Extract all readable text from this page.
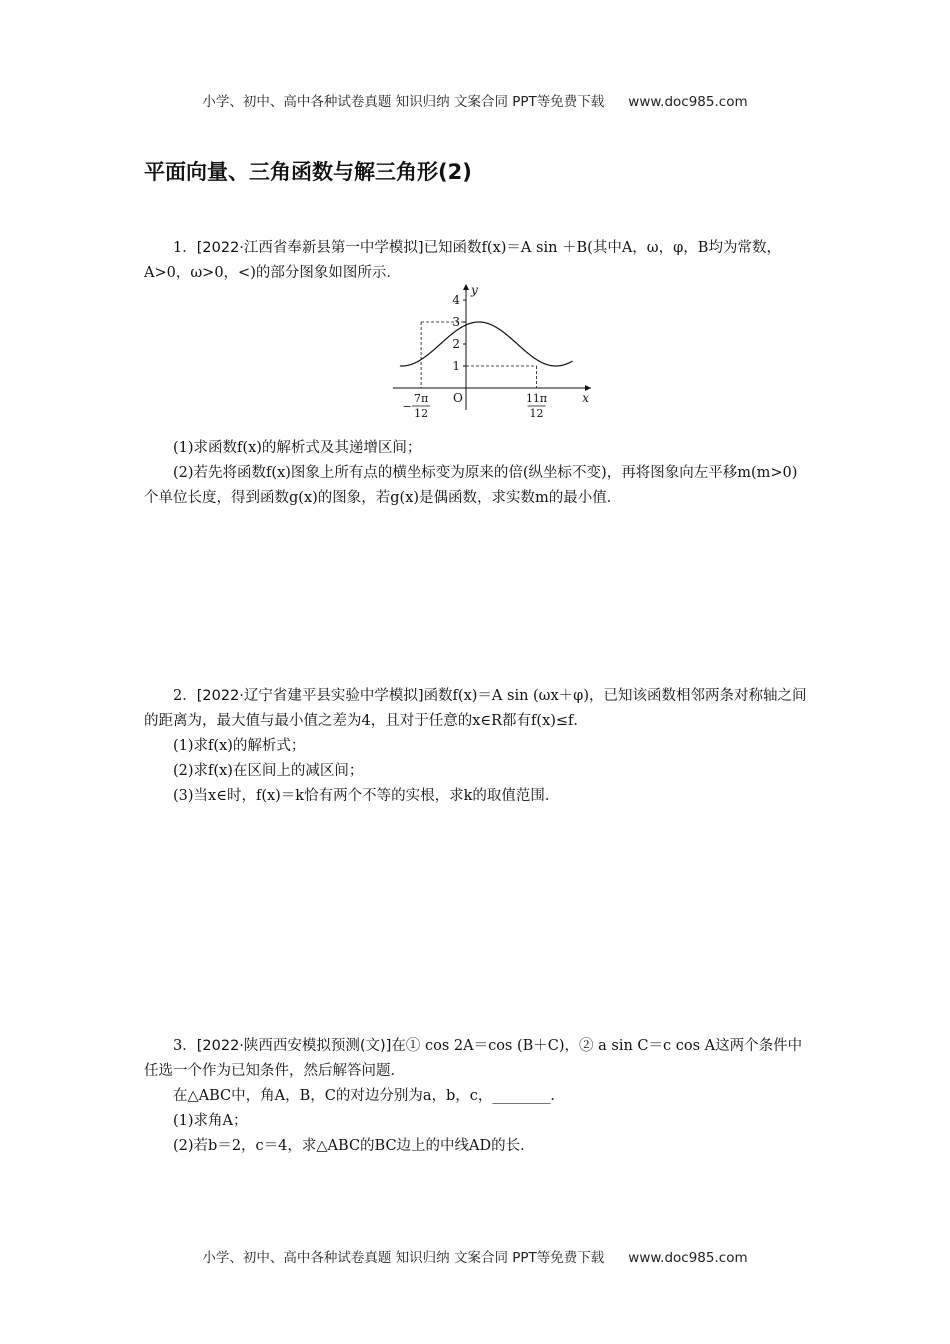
小学、初中、高中各种试卷真题 知识归纳 文案合同 PPT等免费下载 www.doc985.com
平面向量、三角函数与解三角形(2)

1．[2022·江西省奉新县第一中学模拟]已知函数f(x)＝A sin ＋B(其中A，ω，φ，B均为常数，A>0，ω>0，<)的部分图象如图所示．

x
y
O
1
2
3
4
7π
12
−
11π
12

(1)求函数f(x)的解析式及其递增区间；

(2)若先将函数f(x)图象上所有点的横坐标变为原来的倍(纵坐标不变)，再将图象向左平移m(m>0)个单位长度，得到函数g(x)的图象，若g(x)是偶函数，求实数m的最小值．

2．[2022·辽宁省建平县实验中学模拟]函数f(x)＝A sin (ωx＋φ)，已知该函数相邻两条对称轴之间的距离为，最大值与最小值之差为4，且对于任意的x∈R都有f(x)≤f．

(1)求f(x)的解析式；

(2)求f(x)在区间上的减区间；

(3)当x∈时，f(x)＝k恰有两个不等的实根，求k的取值范围．

3．[2022·陕西西安模拟预测(文)]在① cos 2A＝cos (B＋C)，② a sin C＝c cos A这两个条件中任选一个作为已知条件，然后解答问题．

在△ABC中，角A，B，C的对边分别为a，b，c，________．

(1)求角A；

(2)若b＝2，c＝4，求△ABC的BC边上的中线AD的长．

小学、初中、高中各种试卷真题 知识归纳 文案合同 PPT等免费下载 www.doc985.com
